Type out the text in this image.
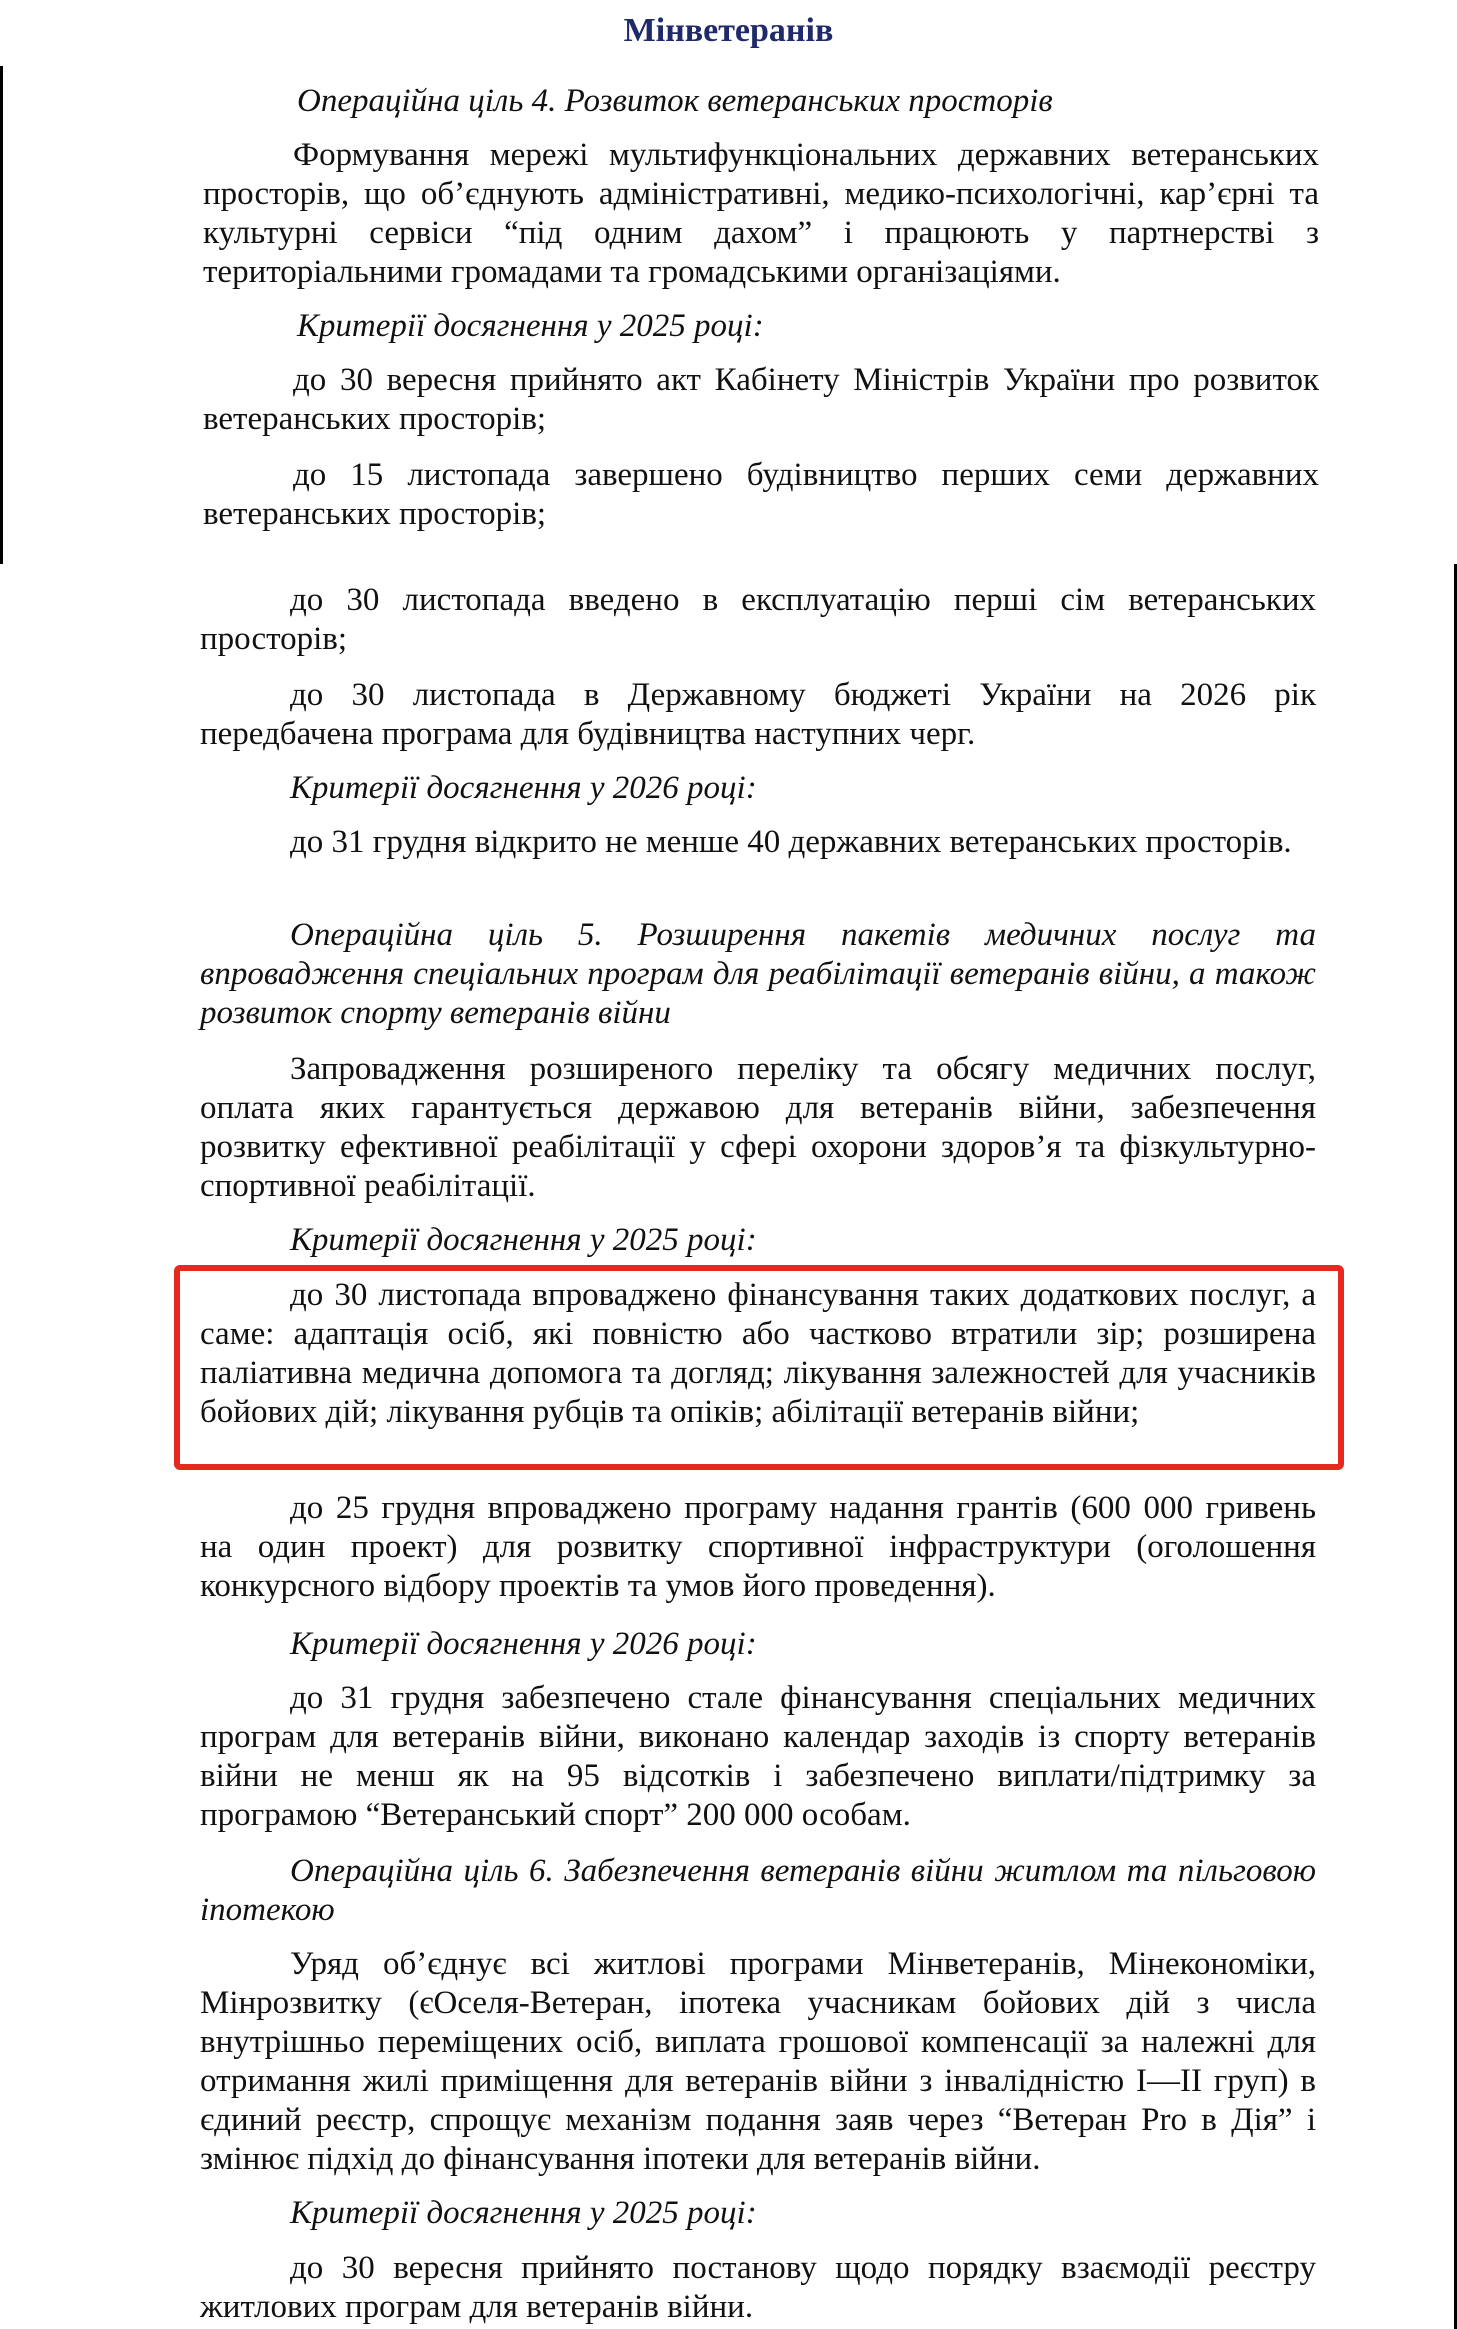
Мінветеранів

Операційна ціль 4. Розвиток ветеранських просторів

Формування мережі мультифункціональних державних ветеранських просторів, що об’єднують адміністративні, медико-психологічні, кар’єрні та культурні сервіси “під одним дахом” і працюють у партнерстві з територіальними громадами та громадськими організаціями.

Критерії досягнення у 2025 році:

до 30 вересня прийнято акт Кабінету Міністрів України про розвиток ветеранських просторів;

до 15 листопада завершено будівництво перших семи державних ветеранських просторів;

до 30 листопада введено в експлуатацію перші сім ветеранських просторів;

до 30 листопада в Державному бюджеті України на 2026 рік передбачена програма для будівництва наступних черг.

Критерії досягнення у 2026 році:

до 31 грудня відкрито не менше 40 державних ветеранських просторів.

Операційна ціль 5. Розширення пакетів медичних послуг та впровадження спеціальних програм для реабілітації ветеранів війни, а також розвиток спорту ветеранів війни

Запровадження розширеного переліку та обсягу медичних послуг, оплата яких гарантується державою для ветеранів війни, забезпечення розвитку ефективної реабілітації у сфері охорони здоров’я та фізкультурно-спортивної реабілітації.

Критерії досягнення у 2025 році:

до 30 листопада впроваджено фінансування таких додаткових послуг, а саме: адаптація осіб, які повністю або частково втратили зір; розширена паліативна медична допомога та догляд; лікування залежностей для учасників бойових дій; лікування рубців та опіків; абілітації ветеранів війни;

до 25 грудня впроваджено програму надання грантів (600 000 гривень на один проект) для розвитку спортивної інфраструктури (оголошення конкурсного відбору проектів та умов його проведення).

Критерії досягнення у 2026 році:

до 31 грудня забезпечено стале фінансування спеціальних медичних програм для ветеранів війни, виконано календар заходів із спорту ветеранів війни не менш як на 95 відсотків і забезпечено виплати/підтримку за програмою “Ветеранський спорт” 200 000 особам.

Операційна ціль 6. Забезпечення ветеранів війни житлом та пільговою іпотекою

Уряд об’єднує всі житлові програми Мінветеранів, Мінекономіки, Мінрозвитку (єОселя-Ветеран, іпотека учасникам бойових дій з числа внутрішньо переміщених осіб, виплата грошової компенсації за належні для отримання жилі приміщення для ветеранів війни з інвалідністю I—II груп) в єдиний реєстр, спрощує механізм подання заяв через “Ветеран Pro в Дія” і змінює підхід до фінансування іпотеки для ветеранів війни.

Критерії досягнення у 2025 році:

до 30 вересня прийнято постанову щодо порядку взаємодії реєстру житлових програм для ветеранів війни.
